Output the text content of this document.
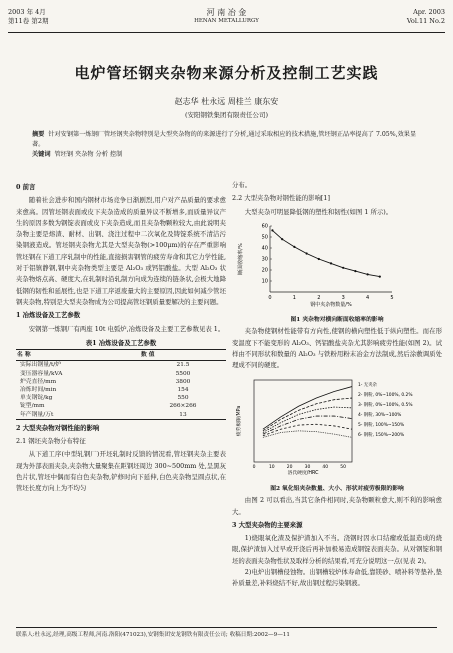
2003 年 4月
第11卷 第2期
河 南 冶 金
HENAN METALLURGY
Apr. 2003
Vol.11 No.2
电炉管坯钢夹杂物来源分析及控制工艺实践
赵志华 杜永远 周桂兰 康东安
(安阳钢铁集团有限责任公司)
摘要 针对安钢第一炼钢厂管坯钢夹杂物特别是大型夹杂物的的来源进行了分析,通过采取相应的技术措施,管坯钢正品率提高了 7.05%,效果显著。
关键词 管坯钢 夹杂物 分析 控制
0 前言
随着社会进步和国内钢材市场竞争日渐剧烈,用户对产品质量的要求愈来愈高。因管坯钢表面或皮下夹杂造成的质量异议不断增多,而质量异议产生的原因多数为钢锭表面或皮下夹杂造成,而且夹杂物颗粒较大,由此说明夹杂物主要是熔渣、耐材、出钢、浇注过程中二次氧化及铸锭系统不清洁污染钢液造成。管坯钢夹杂物尤其是大型夹杂物(>100μm)的存在严重影响管坯钢在下道工序轧制中的性能,直接损害钢管的疲劳寿命和其它力学性能,对于铝镇静钢,钢中夹杂物类型主要是 Al₂O₃ 或钙铝酸盐。大型 Al₂O₃ 状夹杂物熔点高、硬度大,在轧制时沿轧制方向成为连续的链条状,会极大地降低钢的韧性和延展性,也是下道工序返废量大的主要原因,因此如何减少管坯钢夹杂物,特别是大型夹杂物成为公司提高管坯钢质量要解决的主要问题。
1 冶炼设备及工艺参数
安钢第一炼钢厂有两座 10t 电弧炉,冶炼设备及主要工艺参数见表 1。
表1 冶炼设备及工艺参数
名 称	数 值
实际出钢量/t/炉	21.5
变压器容量/kVA	5500
炉壳直径/mm	3800
冶炼时间/min	154
单支钢锭/kg	550
锭型/mm	266×266
年产钢量/万t	13
2 大型夹杂物对钢性能的影响
2.1 钢坯夹杂物分布特征
从下道工序(中型轧钢厂)开坯轧制时反馈的情况看,管坯钢夹杂主要表现为外部表面夹杂,夹杂物大量聚集在距钢坯周边 300~500mm 处,呈黑灰色片状,管坯中偶而有白色夹杂物,铲修时向下延伸,白色夹杂物呈圆点状,在管坯长度方向上为不均匀
分布。
2.2 大型夹杂物对钢性能的影响[1]
大型夹杂可明显降低钢的塑性和韧性(如图 1 所示)。
0	1	2	3	4	5
10
20
30
40
50
60
钢中夹杂物数量/%
断面收缩率/%
图1 夹杂物对横向断面收缩率的影响
夹杂物使钢材性能带有方向性,使钢的横向塑性低于纵向塑性。而在形变温度下不能变形的 Al₂O₃、钙铝酸盐夹杂尤其影响疲劳性能(如图 2)。试样由不同形状和数量的 Al₂O₃ 与铁粉用粉末冶金方法制成,然后涂敷调质处理成不同的硬度。
0	10	20	30	40	50
洛氏硬度/HRC
疲劳极限/MPa
1- 无夹杂
2- 钢粉, 0%~100%, 0.2%
3- 钢粉, 0%~100%, 0.5%
4- 钢粉, 30%~100%
5- 钢粉, 100%~150%
6- 钢粉, 150%~200%
图2 氧化铝夹杂数量、大小、形状对疲劳极限的影响
由图 2 可以看出,当其它条件相同时,夹杂物颗粒愈大,则不利的影响愈大。
3 大型夹杂物的主要来源
1)烧眼氧化渣及保护渣加入不当。浇钢时因水口结瘤或低温造成的烧眼,保护渣加入过早或开浇后再补加极易造成钢锭表面夹杂。从对钢锭和钢坯的表面夹杂物性状及取样分析的结果看,可充分说明这一点(见表 2)。
2)电炉出钢槽侵蚀物。出钢槽较炉体寿命低,靠镁砂、喷补料等垫补,垫补质量差,补料烧结不好,故出钢过程污染钢液。
联系人:杜永远,经理,高级工程师,河南.洛阳(471023),安钢集团安龙钢铁有限责任公司; 收稿日期:2002—9—11
